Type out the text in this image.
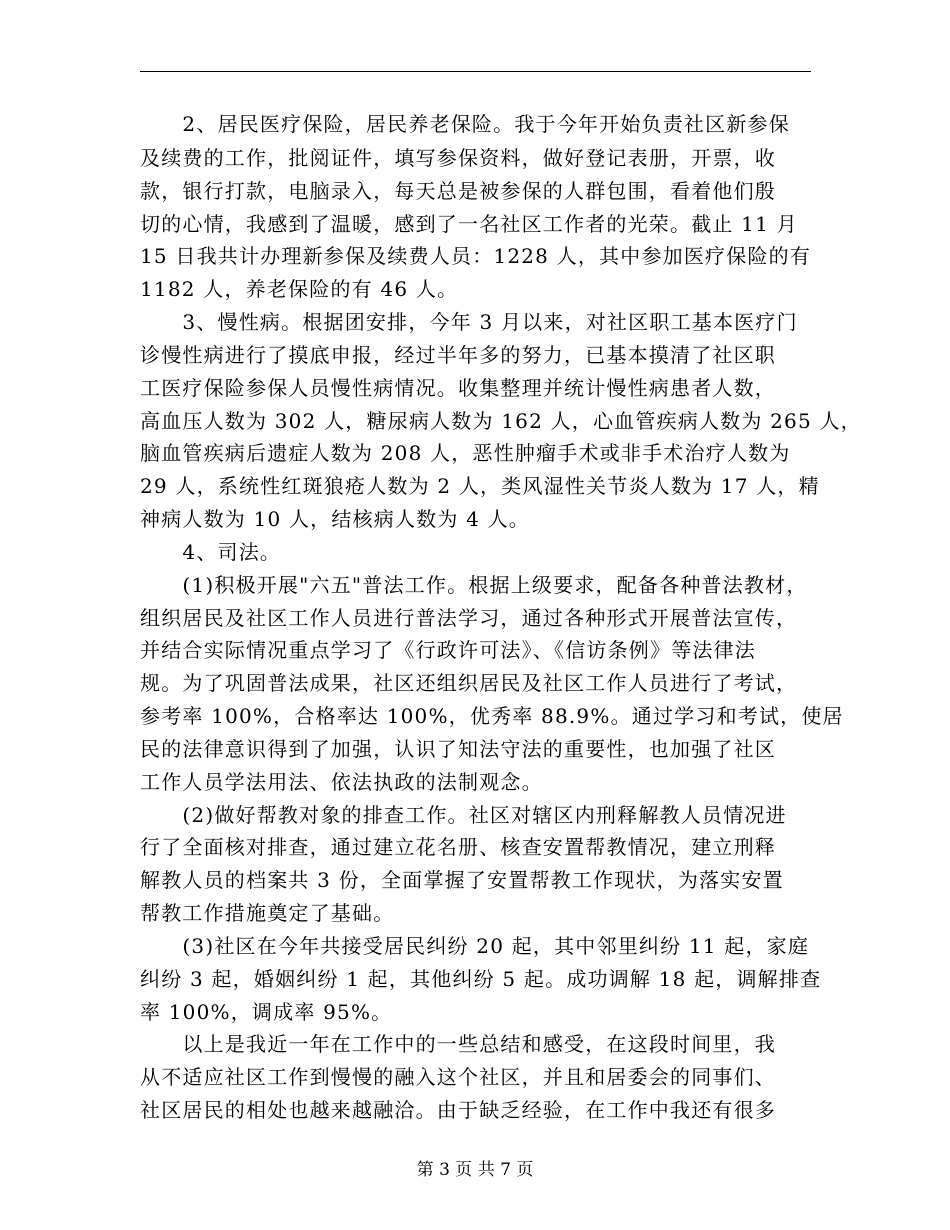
　　2、居民医疗保险，居民养老保险。我于今年开始负责社区新参保
及续费的工作，批阅证件，填写参保资料，做好登记表册，开票，收
款，银行打款，电脑录入，每天总是被参保的人群包围，看着他们殷
切的心情，我感到了温暖，感到了一名社区工作者的光荣。截止 11 月
15 日我共计办理新参保及续费人员：1228 人，其中参加医疗保险的有
1182 人，养老保险的有 46 人。
　　3、慢性病。根据团安排，今年 3 月以来，对社区职工基本医疗门
诊慢性病进行了摸底申报，经过半年多的努力，已基本摸清了社区职
工医疗保险参保人员慢性病情况。收集整理并统计慢性病患者人数，
高血压人数为 302 人，糖尿病人数为 162 人，心血管疾病人数为 265 人，
脑血管疾病后遗症人数为 208 人，恶性肿瘤手术或非手术治疗人数为
29 人，系统性红斑狼疮人数为 2 人，类风湿性关节炎人数为 17 人，精
神病人数为 10 人，结核病人数为 4 人。
　　4、司法。
　　(1)积极开展"六五"普法工作。根据上级要求，配备各种普法教材，
组织居民及社区工作人员进行普法学习，通过各种形式开展普法宣传，
并结合实际情况重点学习了《行政许可法》、《信访条例》等法律法
规。为了巩固普法成果，社区还组织居民及社区工作人员进行了考试，
参考率 100%，合格率达 100%，优秀率 88.9%。通过学习和考试，使居
民的法律意识得到了加强，认识了知法守法的重要性，也加强了社区
工作人员学法用法、依法执政的法制观念。
　　(2)做好帮教对象的排查工作。社区对辖区内刑释解教人员情况进
行了全面核对排查，通过建立花名册、核查安置帮教情况，建立刑释
解教人员的档案共 3 份，全面掌握了安置帮教工作现状，为落实安置
帮教工作措施奠定了基础。
　　(3)社区在今年共接受居民纠纷 20 起，其中邻里纠纷 11 起，家庭
纠纷 3 起，婚姻纠纷 1 起，其他纠纷 5 起。成功调解 18 起，调解排查
率 100%，调成率 95%。
　　以上是我近一年在工作中的一些总结和感受，在这段时间里，我
从不适应社区工作到慢慢的融入这个社区，并且和居委会的同事们、
社区居民的相处也越来越融洽。由于缺乏经验，在工作中我还有很多
第 3 页 共 7 页
